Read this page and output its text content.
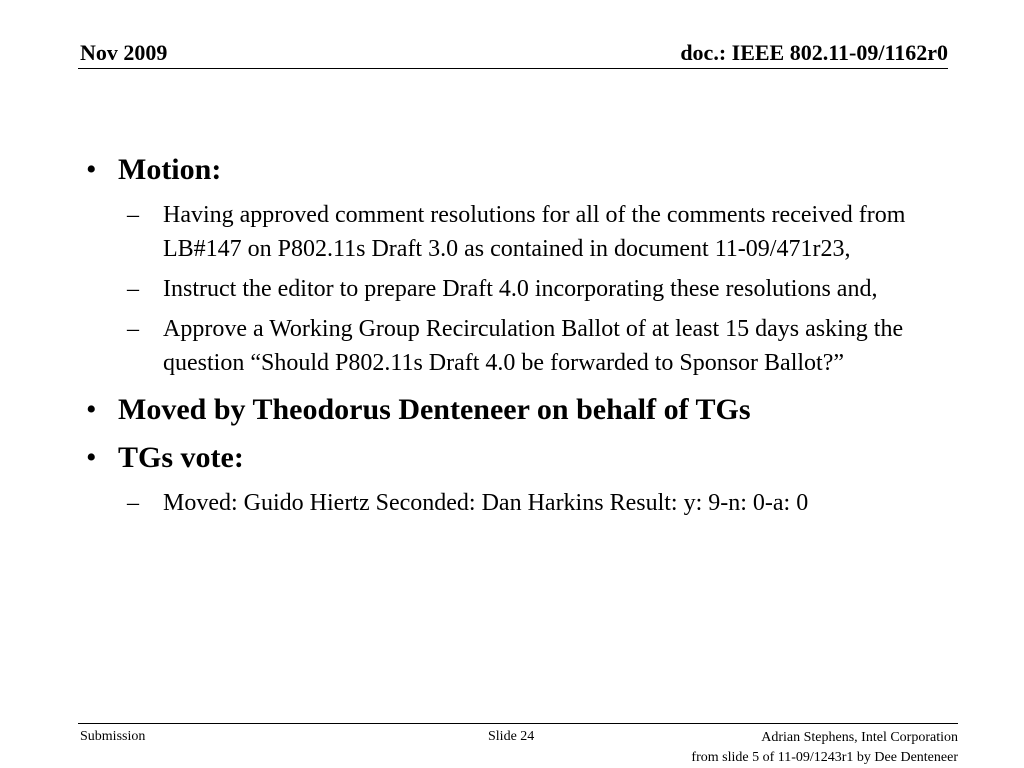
Nov 2009	doc.: IEEE 802.11-09/1162r0
• Motion:
– Having approved comment resolutions for all of the comments received from LB#147 on P802.11s Draft 3.0 as contained in document 11-09/471r23,
– Instruct the editor to prepare Draft 4.0 incorporating these resolutions and,
– Approve a Working Group Recirculation Ballot of at least 15 days asking the question “Should P802.11s Draft 4.0 be forwarded to Sponsor Ballot?”
• Moved by Theodorus Denteneer on behalf of TGs
• TGs vote:
– Moved: Guido Hiertz Seconded: Dan Harkins Result: y: 9-n: 0-a: 0
Submission	Slide 24	Adrian Stephens, Intel Corporation
from slide 5 of 11-09/1243r1 by Dee Denteneer
